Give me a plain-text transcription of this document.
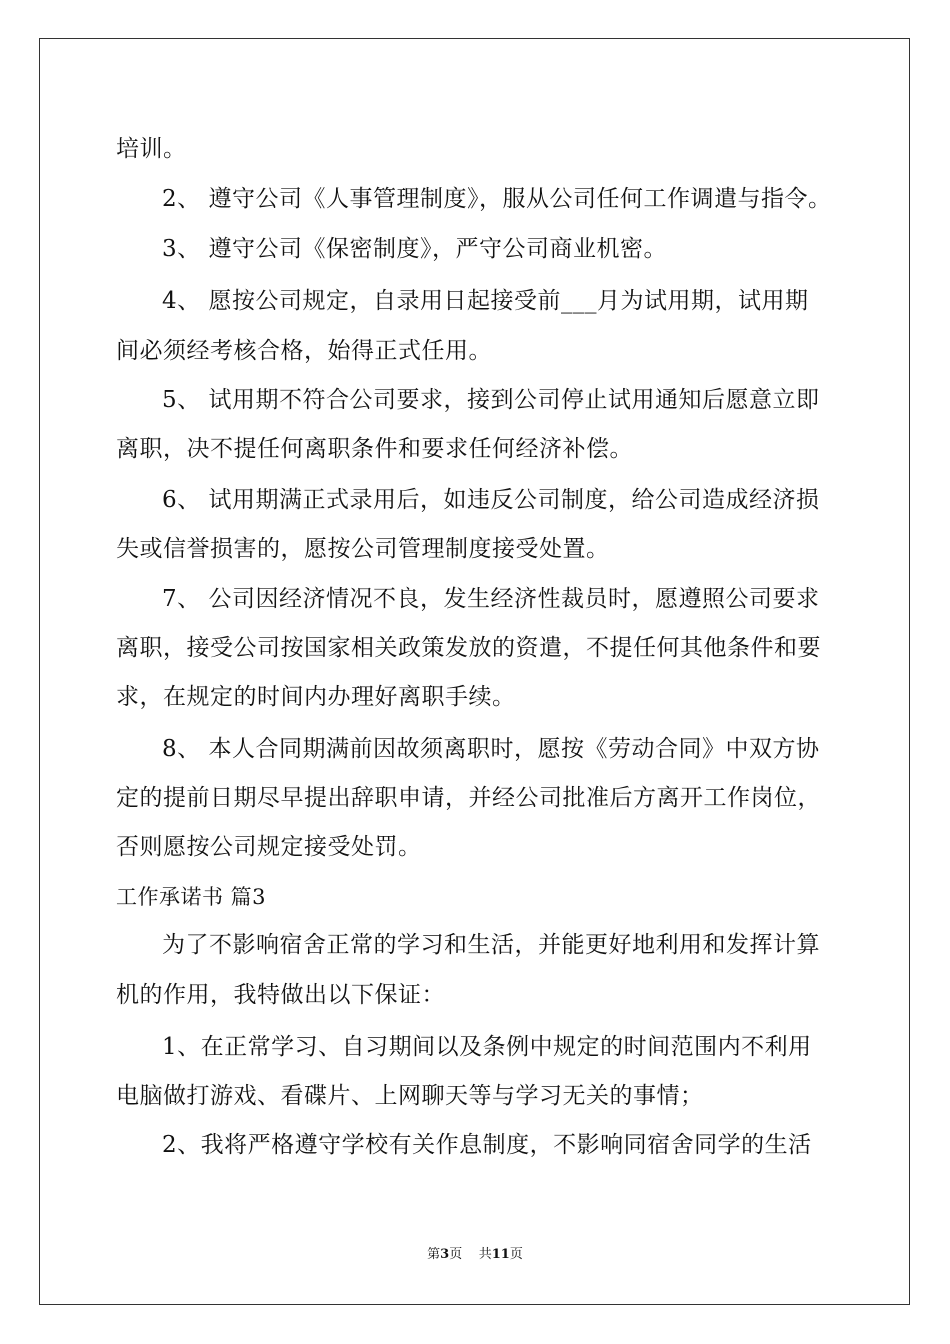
培训。
2、 遵守公司《人事管理制度》，服从公司任何工作调遣与指令。
3、 遵守公司《保密制度》，严守公司商业机密。
4、 愿按公司规定，自录用日起接受前___月为试用期，试用期
间必须经考核合格，始得正式任用。
5、 试用期不符合公司要求，接到公司停止试用通知后愿意立即
离职，决不提任何离职条件和要求任何经济补偿。
6、 试用期满正式录用后，如违反公司制度，给公司造成经济损
失或信誉损害的，愿按公司管理制度接受处置。
7、 公司因经济情况不良，发生经济性裁员时，愿遵照公司要求
离职，接受公司按国家相关政策发放的资遣，不提任何其他条件和要
求，在规定的时间内办理好离职手续。
8、 本人合同期满前因故须离职时，愿按《劳动合同》中双方协
定的提前日期尽早提出辞职申请，并经公司批准后方离开工作岗位，
否则愿按公司规定接受处罚。
工作承诺书 篇3
为了不影响宿舍正常的学习和生活，并能更好地利用和发挥计算
机的作用，我特做出以下保证：
1、在正常学习、自习期间以及条例中规定的时间范围内不利用
电脑做打游戏、看碟片、上网聊天等与学习无关的事情；
2、我将严格遵守学校有关作息制度，不影响同宿舍同学的生活
第3页 共11页
